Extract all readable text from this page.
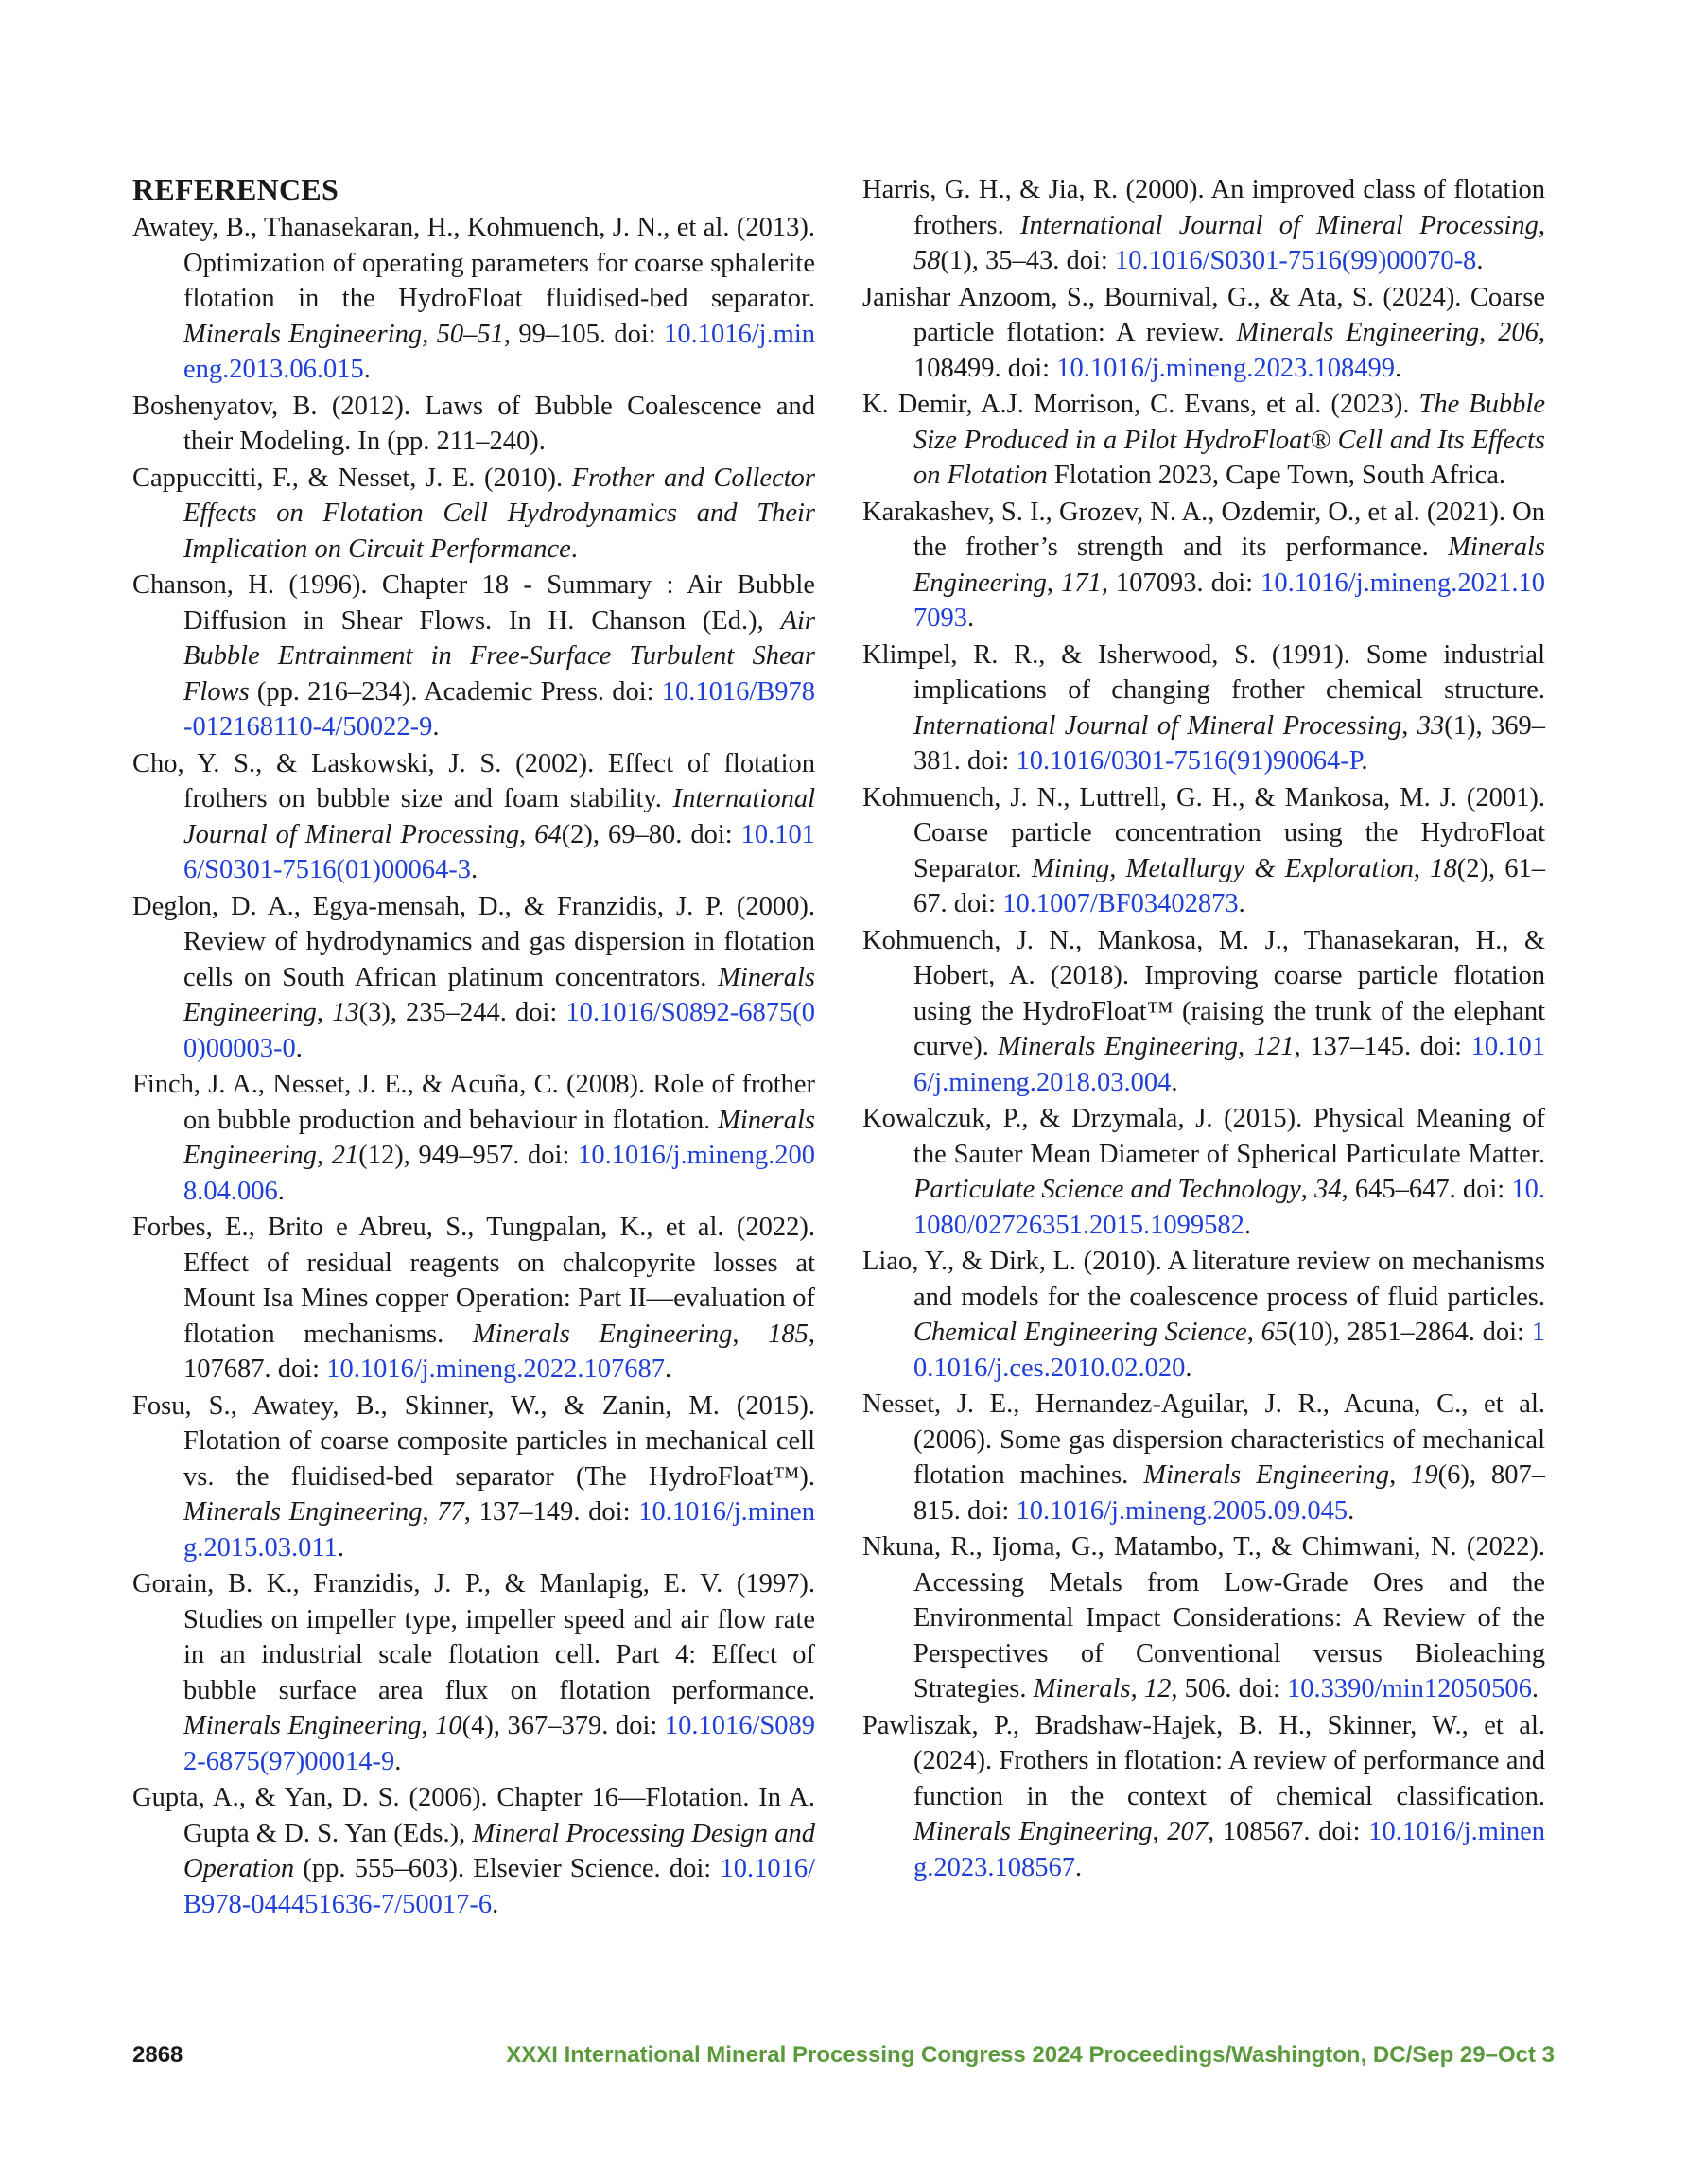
REFERENCES
Awatey, B., Thanasekaran, H., Kohmuench, J. N., et al. (2013). Optimization of operating parameters for coarse sphalerite flotation in the HydroFloat fluidised-bed separator. Minerals Engineering, 50–51, 99–105. doi: 10.1016/j.mineng.2013.06.015.
Boshenyatov, B. (2012). Laws of Bubble Coalescence and their Modeling. In (pp. 211–240).
Cappuccitti, F., & Nesset, J. E. (2010). Frother and Collector Effects on Flotation Cell Hydrodynamics and Their Implication on Circuit Performance.
Chanson, H. (1996). Chapter 18 - Summary : Air Bubble Diffusion in Shear Flows. In H. Chanson (Ed.), Air Bubble Entrainment in Free-Surface Turbulent Shear Flows (pp. 216–234). Academic Press. doi: 10.1016/B978-012168110-4/50022-9.
Cho, Y. S., & Laskowski, J. S. (2002). Effect of flotation frothers on bubble size and foam stability. International Journal of Mineral Processing, 64(2), 69–80. doi: 10.1016/S0301-7516(01)00064-3.
Deglon, D. A., Egya-mensah, D., & Franzidis, J. P. (2000). Review of hydrodynamics and gas dispersion in flotation cells on South African platinum concentrators. Minerals Engineering, 13(3), 235–244. doi: 10.1016/S0892-6875(00)00003-0.
Finch, J. A., Nesset, J. E., & Acuña, C. (2008). Role of frother on bubble production and behaviour in flotation. Minerals Engineering, 21(12), 949–957. doi: 10.1016/j.mineng.2008.04.006.
Forbes, E., Brito e Abreu, S., Tungpalan, K., et al. (2022). Effect of residual reagents on chalcopyrite losses at Mount Isa Mines copper Operation: Part II—evaluation of flotation mechanisms. Minerals Engineering, 185, 107687. doi: 10.1016/j.mineng.2022.107687.
Fosu, S., Awatey, B., Skinner, W., & Zanin, M. (2015). Flotation of coarse composite particles in mechanical cell vs. the fluidised-bed separator (The HydroFloat™). Minerals Engineering, 77, 137–149. doi: 10.1016/j.mineng.2015.03.011.
Gorain, B. K., Franzidis, J. P., & Manlapig, E. V. (1997). Studies on impeller type, impeller speed and air flow rate in an industrial scale flotation cell. Part 4: Effect of bubble surface area flux on flotation performance. Minerals Engineering, 10(4), 367–379. doi: 10.1016/S0892-6875(97)00014-9.
Gupta, A., & Yan, D. S. (2006). Chapter 16—Flotation. In A. Gupta & D. S. Yan (Eds.), Mineral Processing Design and Operation (pp. 555–603). Elsevier Science. doi: 10.1016/B978-044451636-7/50017-6.
Harris, G. H., & Jia, R. (2000). An improved class of flotation frothers. International Journal of Mineral Processing, 58(1), 35–43. doi: 10.1016/S0301-7516(99)00070-8.
Janishar Anzoom, S., Bournival, G., & Ata, S. (2024). Coarse particle flotation: A review. Minerals Engineering, 206, 108499. doi: 10.1016/j.mineng.2023.108499.
K. Demir, A.J. Morrison, C. Evans, et al. (2023). The Bubble Size Produced in a Pilot HydroFloat® Cell and Its Effects on Flotation Flotation 2023, Cape Town, South Africa.
Karakashev, S. I., Grozev, N. A., Ozdemir, O., et al. (2021). On the frother’s strength and its performance. Minerals Engineering, 171, 107093. doi: 10.1016/j.mineng.2021.107093.
Klimpel, R. R., & Isherwood, S. (1991). Some industrial implications of changing frother chemical structure. International Journal of Mineral Processing, 33(1), 369–381. doi: 10.1016/0301-7516(91)90064-P.
Kohmuench, J. N., Luttrell, G. H., & Mankosa, M. J. (2001). Coarse particle concentration using the HydroFloat Separator. Mining, Metallurgy & Exploration, 18(2), 61–67. doi: 10.1007/BF03402873.
Kohmuench, J. N., Mankosa, M. J., Thanasekaran, H., & Hobert, A. (2018). Improving coarse particle flotation using the HydroFloat™ (raising the trunk of the elephant curve). Minerals Engineering, 121, 137–145. doi: 10.1016/j.mineng.2018.03.004.
Kowalczuk, P., & Drzymala, J. (2015). Physical Meaning of the Sauter Mean Diameter of Spherical Particulate Matter. Particulate Science and Technology, 34, 645–647. doi: 10.1080/02726351.2015.1099582.
Liao, Y., & Dirk, L. (2010). A literature review on mechanisms and models for the coalescence process of fluid particles. Chemical Engineering Science, 65(10), 2851–2864. doi: 10.1016/j.ces.2010.02.020.
Nesset, J. E., Hernandez-Aguilar, J. R., Acuna, C., et al. (2006). Some gas dispersion characteristics of mechanical flotation machines. Minerals Engineering, 19(6), 807–815. doi: 10.1016/j.mineng.2005.09.045.
Nkuna, R., Ijoma, G., Matambo, T., & Chimwani, N. (2022). Accessing Metals from Low-Grade Ores and the Environmental Impact Considerations: A Review of the Perspectives of Conventional versus Bioleaching Strategies. Minerals, 12, 506. doi: 10.3390/min12050506.
Pawliszak, P., Bradshaw-Hajek, B. H., Skinner, W., et al. (2024). Frothers in flotation: A review of performance and function in the context of chemical classification. Minerals Engineering, 207, 108567. doi: 10.1016/j.mineng.2023.108567.
2868	XXXI International Mineral Processing Congress 2024 Proceedings/Washington, DC/Sep 29–Oct 3
